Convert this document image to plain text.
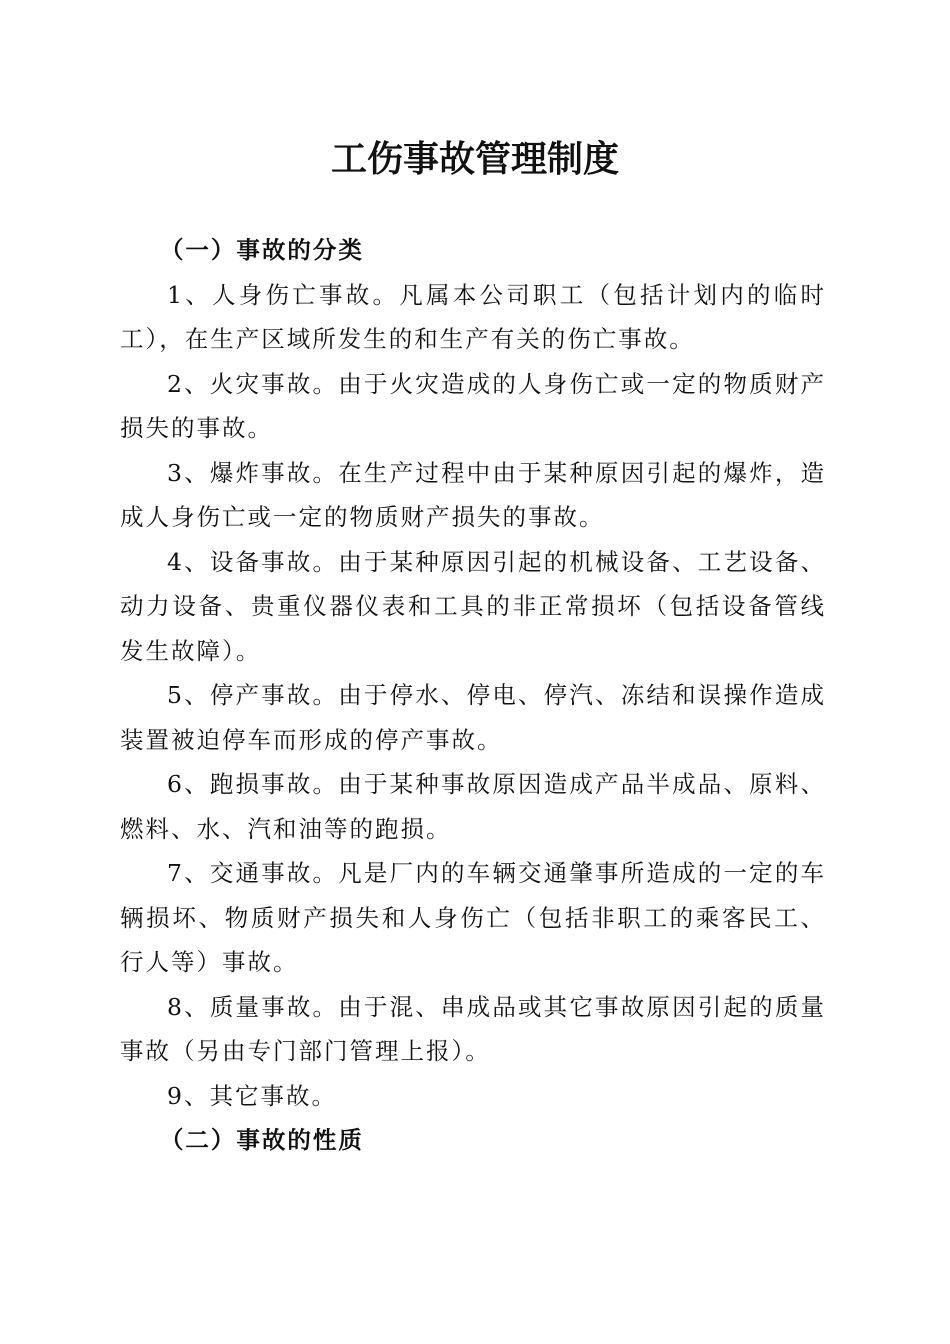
工伤事故管理制度

（一）事故的分类

1、人身伤亡事故。凡属本公司职工（包括计划内的临时工），在生产区域所发生的和生产有关的伤亡事故。

2、火灾事故。由于火灾造成的人身伤亡或一定的物质财产损失的事故。

3、爆炸事故。在生产过程中由于某种原因引起的爆炸，造成人身伤亡或一定的物质财产损失的事故。

4、设备事故。由于某种原因引起的机械设备、工艺设备、动力设备、贵重仪器仪表和工具的非正常损坏（包括设备管线发生故障）。

5、停产事故。由于停水、停电、停汽、冻结和误操作造成装置被迫停车而形成的停产事故。

6、跑损事故。由于某种事故原因造成产品半成品、原料、燃料、水、汽和油等的跑损。

7、交通事故。凡是厂内的车辆交通肇事所造成的一定的车辆损坏、物质财产损失和人身伤亡（包括非职工的乘客民工、行人等）事故。

8、质量事故。由于混、串成品或其它事故原因引起的质量事故（另由专门部门管理上报）。

9、其它事故。

（二）事故的性质
